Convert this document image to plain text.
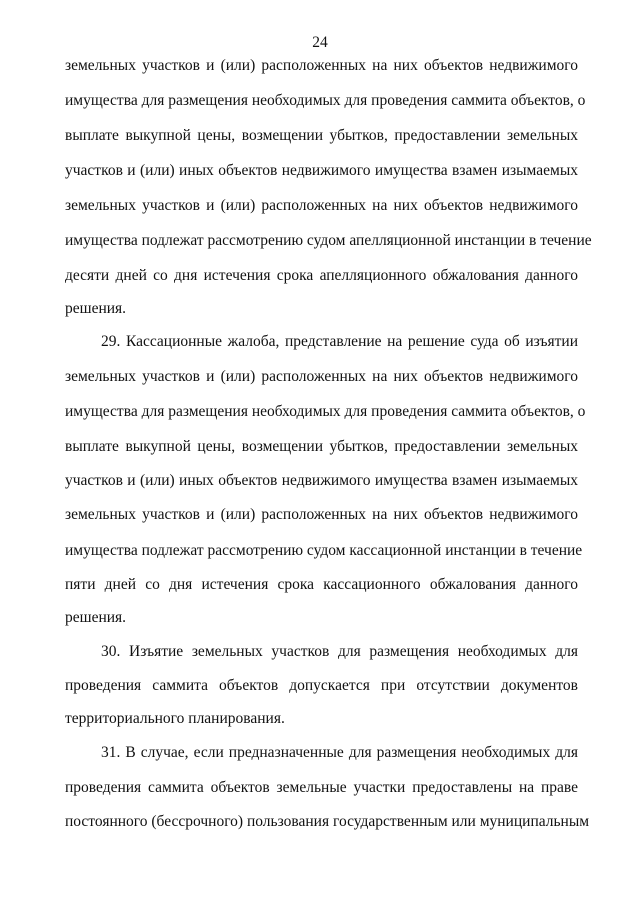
24
земельных участков и (или) расположенных на них объектов недвижимого
имущества для размещения необходимых для проведения саммита объектов, о
выплате выкупной цены, возмещении убытков, предоставлении земельных
участков и (или) иных объектов недвижимого имущества взамен изымаемых
земельных участков и (или) расположенных на них объектов недвижимого
имущества подлежат рассмотрению судом апелляционной инстанции в течение
десяти дней со дня истечения срока апелляционного обжалования данного
решения.
29. Кассационные жалоба, представление на решение суда об изъятии
земельных участков и (или) расположенных на них объектов недвижимого
имущества для размещения необходимых для проведения саммита объектов, о
выплате выкупной цены, возмещении убытков, предоставлении земельных
участков и (или) иных объектов недвижимого имущества взамен изымаемых
земельных участков и (или) расположенных на них объектов недвижимого
имущества подлежат рассмотрению судом кассационной инстанции в течение
пяти дней со дня истечения срока кассационного обжалования данного
решения.
30. Изъятие земельных участков для размещения необходимых для
проведения саммита объектов допускается при отсутствии документов
территориального планирования.
31. В случае, если предназначенные для размещения необходимых для
проведения саммита объектов земельные участки предоставлены на праве
постоянного (бессрочного) пользования государственным или муниципальным
